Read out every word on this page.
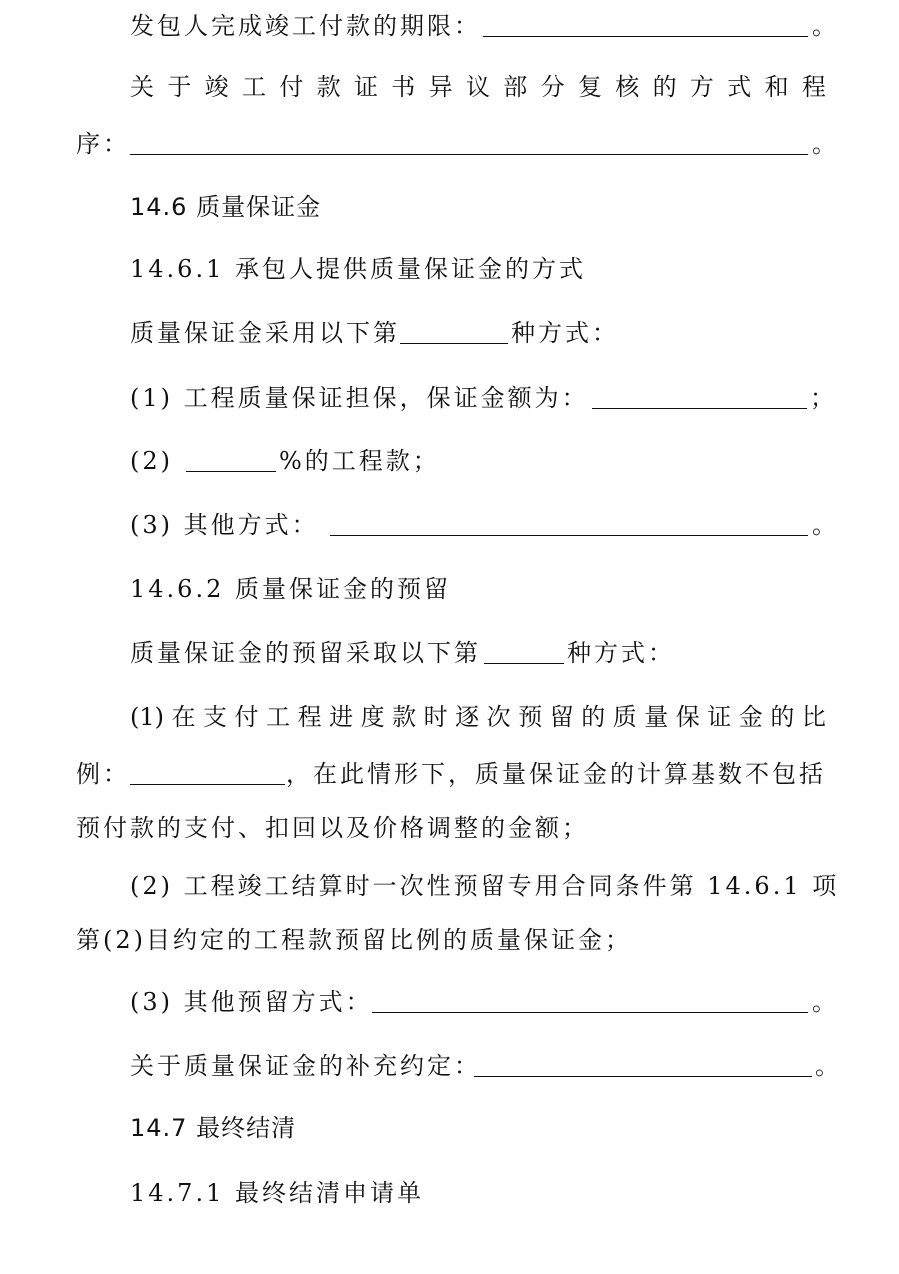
发包人完成竣工付款的期限：	。
关 于 竣 工 付 款 证 书 异 议 部 分 复 核 的 方 式 和 程
序：	。
14.6 质量保证金
14.6.1 承包人提供质量保证金的方式
质量保证金采用以下第	种方式：
(1) 工程质量保证担保，保证金额为：	；
(2)	%的工程款；
(3) 其他方式：	。
14.6.2 质量保证金的预留
质量保证金的预留采取以下第	种方式：
(1) 在 支 付 工 程 进 度 款 时 逐 次 预 留 的 质 量 保 证 金 的 比
例：	，在此情形下，质量保证金的计算基数不包括
预付款的支付、扣回以及价格调整的金额；
(2) 工程竣工结算时一次性预留专用合同条件第 14.6.1 项
第(2)目约定的工程款预留比例的质量保证金；
(3) 其他预留方式：	。
关于质量保证金的补充约定：	。
14.7 最终结清
14.7.1 最终结清申请单
